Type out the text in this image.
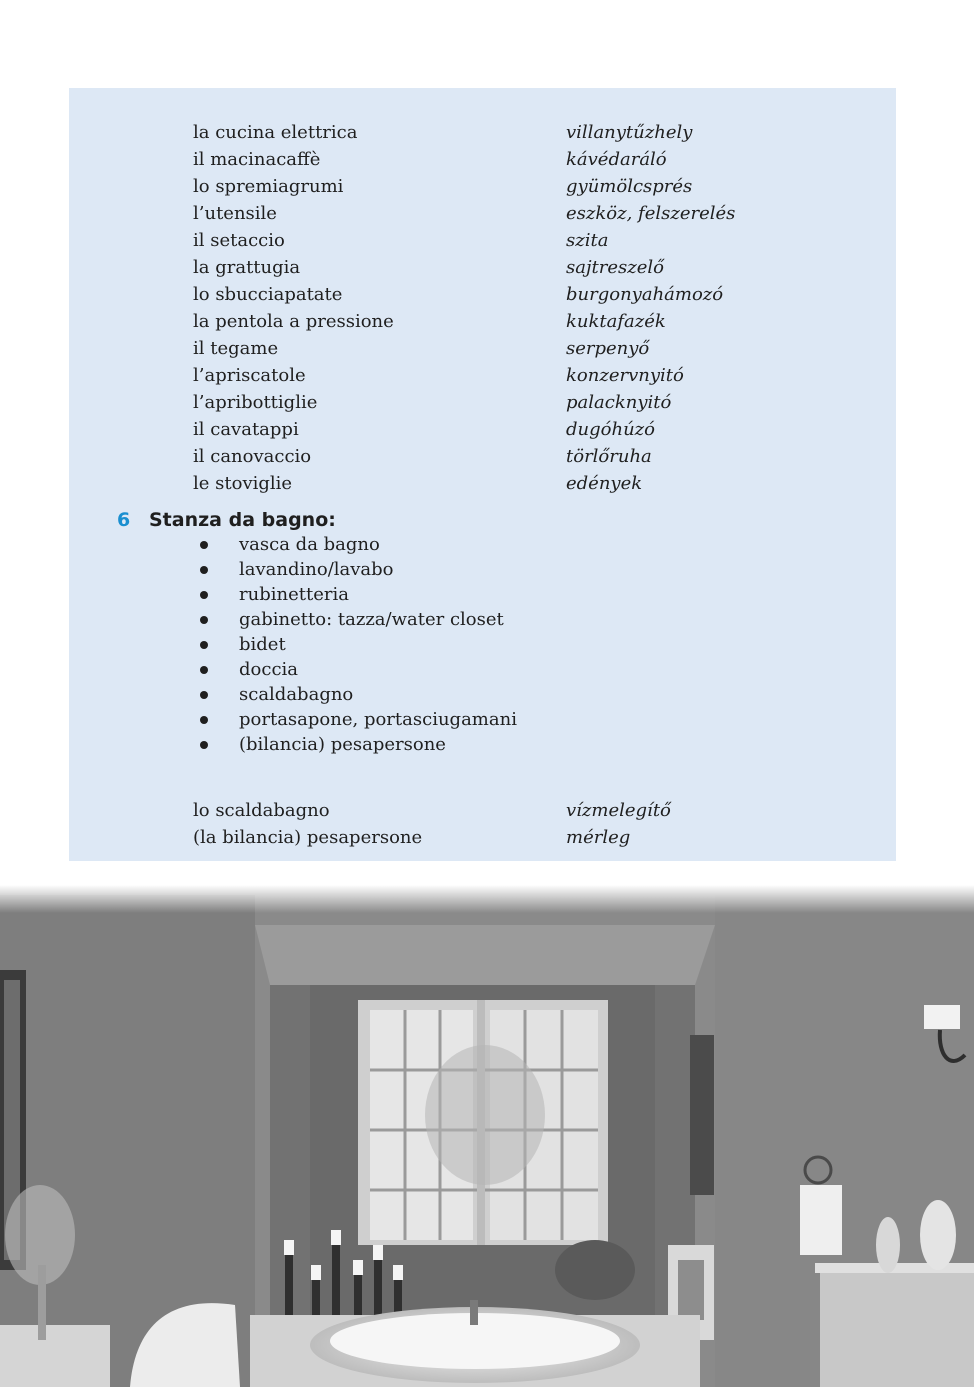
la cucina elettrica	villanytűzhely
il macinacaffè	kávédaráló
lo spremiagrumi	gyümölcsprés
l’utensile	eszköz, felszerelés
il setaccio	szita
la grattugia	sajtreszelő
lo sbucciapatate	burgonyahámozó
la pentola a pressione	kuktafazék
il tegame	serpenyő
l’apriscatole	konzervnyitó
l’apribottiglie	palacknyitó
il cavatappi	dugóhúzó
il canovaccio	törlőruha
le stoviglie	edények
6 Stanza da bagno:
vasca da bagno
lavandino/lavabo
rubinetteria
gabinetto: tazza/water closet
bidet
doccia
scaldabagno
portasapone, portasciugamani
(bilancia) pesapersone
lo scaldabagno	vízmelegítő
(la bilancia) pesapersone	mérleg
